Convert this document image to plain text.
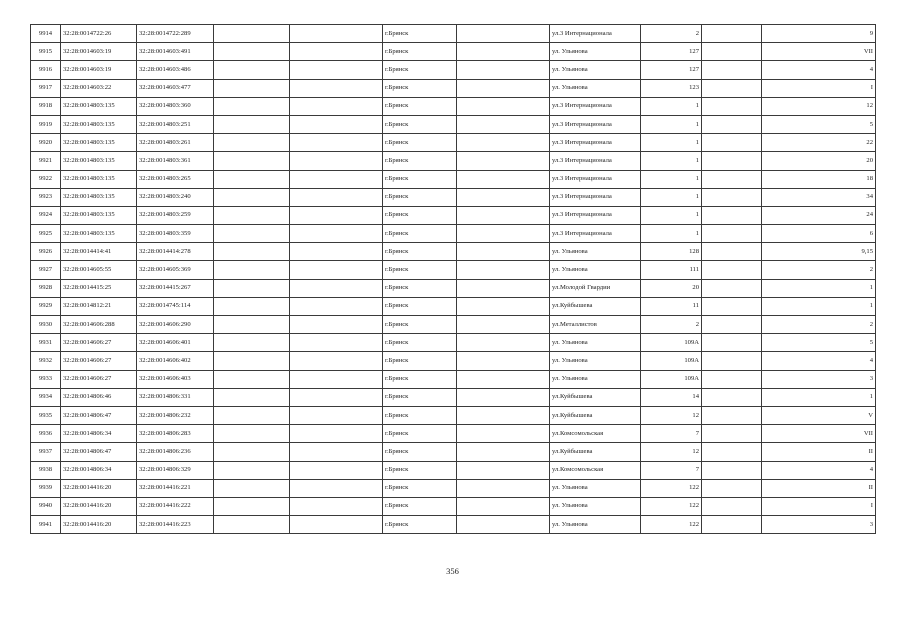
9914	32:28:0014722:26	32:28:0014722:289			г.Брянск		ул.3 Интернационала	2		9
9915	32:28:0014603:19	32:28:0014603:491			г.Брянск		ул. Ульянова	127		VII
9916	32:28:0014603:19	32:28:0014603:486			г.Брянск		ул. Ульянова	127		4
9917	32:28:0014603:22	32:28:0014603:477			г.Брянск		ул. Ульянова	123		I
9918	32:28:0014803:135	32:28:0014803:360			г.Брянск		ул.3 Интернационала	1		12
9919	32:28:0014803:135	32:28:0014803:251			г.Брянск		ул.3 Интернационала	1		5
9920	32:28:0014803:135	32:28:0014803:261			г.Брянск		ул.3 Интернационала	1		22
9921	32:28:0014803:135	32:28:0014803:361			г.Брянск		ул.3 Интернационала	1		20
9922	32:28:0014803:135	32:28:0014803:265			г.Брянск		ул.3 Интернационала	1		18
9923	32:28:0014803:135	32:28:0014803:240			г.Брянск		ул.3 Интернационала	1		34
9924	32:28:0014803:135	32:28:0014803:259			г.Брянск		ул.3 Интернационала	1		24
9925	32:28:0014803:135	32:28:0014803:359			г.Брянск		ул.3 Интернационала	1		6
9926	32:28:0014414:41	32:28:0014414:278			г.Брянск		ул. Ульянова	128		9,15
9927	32:28:0014605:55	32:28:0014605:369			г.Брянск		ул. Ульянова	111		2
9928	32:28:0014415:25	32:28:0014415:267			г.Брянск		ул.Молодой Гвардии	20		1
9929	32:28:0014812:21	32:28:0014745:114			г.Брянск		ул.Куйбышева	11		1
9930	32:28:0014606:288	32:28:0014606:290			г.Брянск		ул.Металлистов	2		2
9931	32:28:0014606:27	32:28:0014606:401			г.Брянск		ул. Ульянова	109А		5
9932	32:28:0014606:27	32:28:0014606:402			г.Брянск		ул. Ульянова	109А		4
9933	32:28:0014606:27	32:28:0014606:403			г.Брянск		ул. Ульянова	109А		3
9934	32:28:0014806:46	32:28:0014806:331			г.Брянск		ул.Куйбышева	14		1
9935	32:28:0014806:47	32:28:0014806:232			г.Брянск		ул.Куйбышева	12		V
9936	32:28:0014806:34	32:28:0014806:283			г.Брянск		ул.Комсомольская	7		VII
9937	32:28:0014806:47	32:28:0014806:236			г.Брянск		ул.Куйбышева	12		II
9938	32:28:0014806:34	32:28:0014806:329			г.Брянск		ул.Комсомольская	7		4
9939	32:28:0014416:20	32:28:0014416:221			г.Брянск		ул. Ульянова	122		II
9940	32:28:0014416:20	32:28:0014416:222			г.Брянск		ул. Ульянова	122		I
9941	32:28:0014416:20	32:28:0014416:223			г.Брянск		ул. Ульянова	122		3
356
